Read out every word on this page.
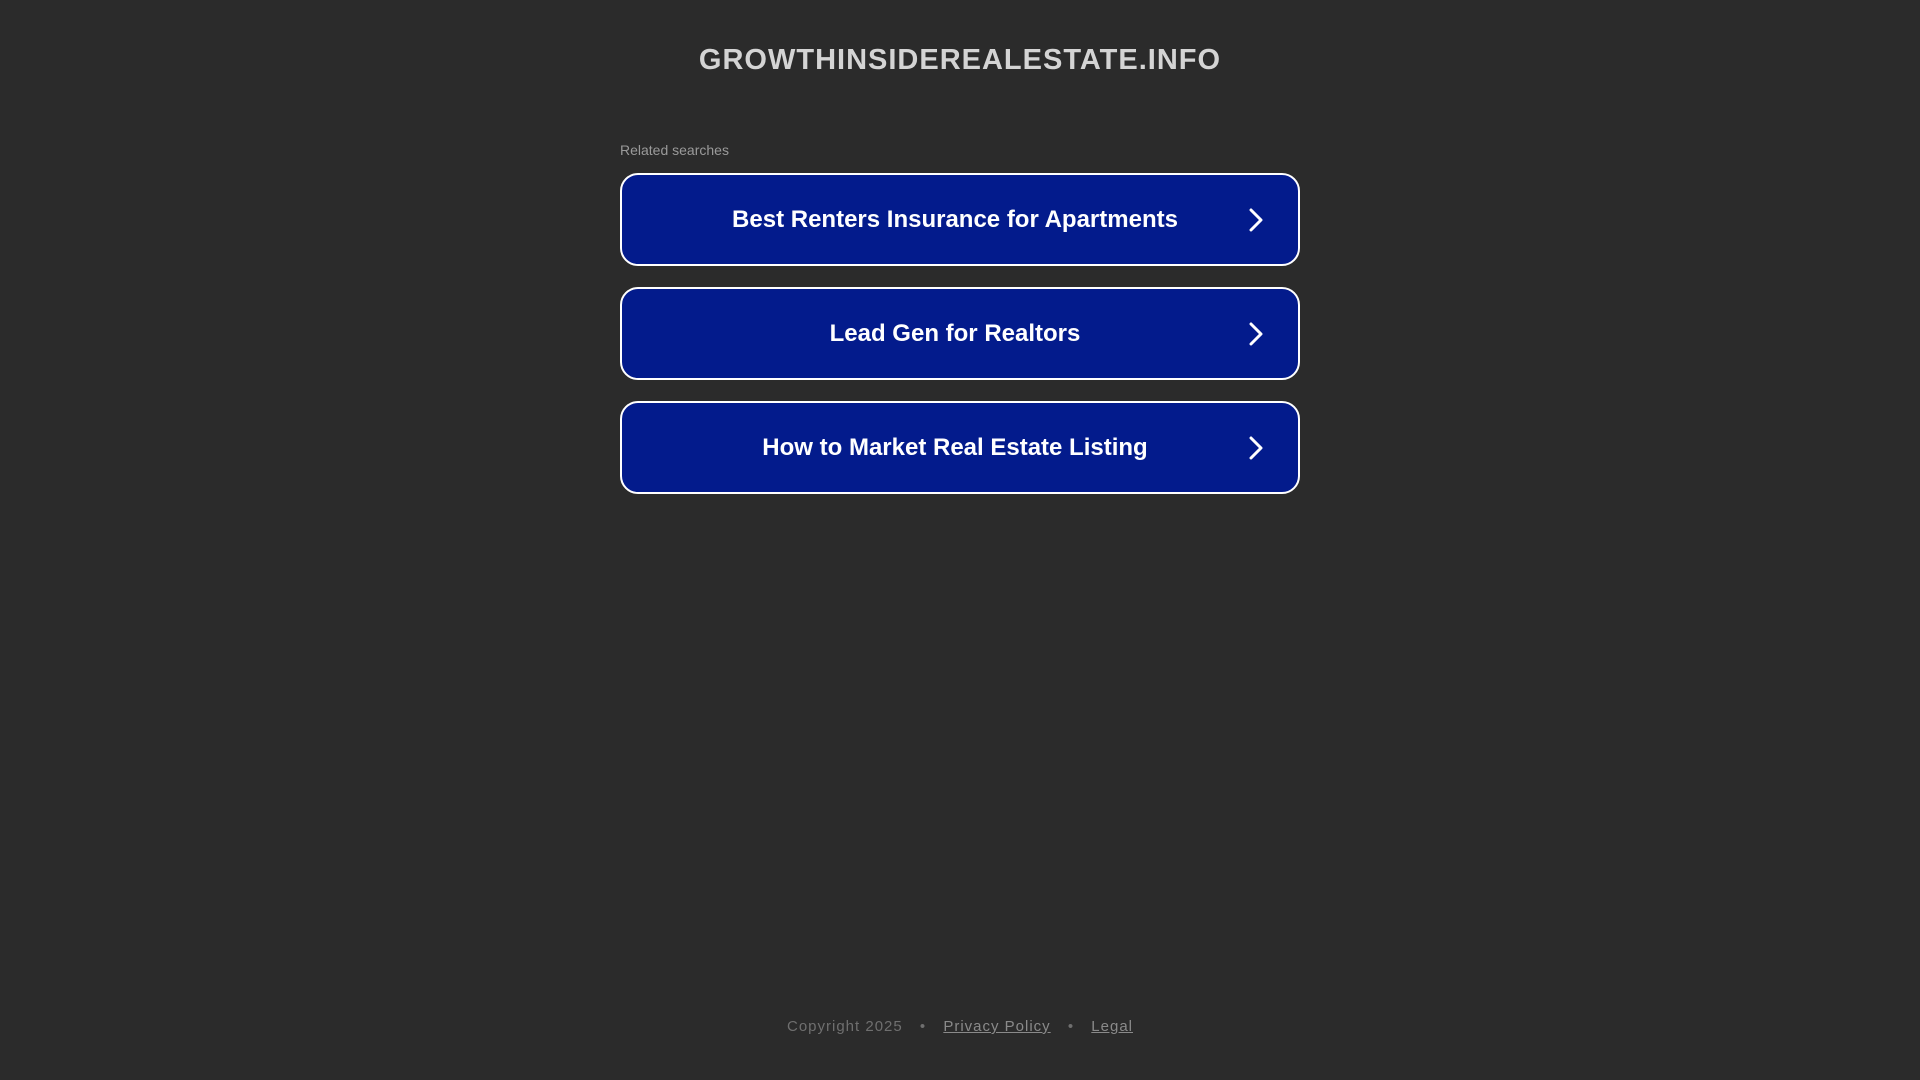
GROWTHINSIDEREALESTATE.INFO
Related searches
Best Renters Insurance for Apartments
Lead Gen for Realtors
How to Market Real Estate Listing
Copyright 2025 • Privacy Policy • Legal
